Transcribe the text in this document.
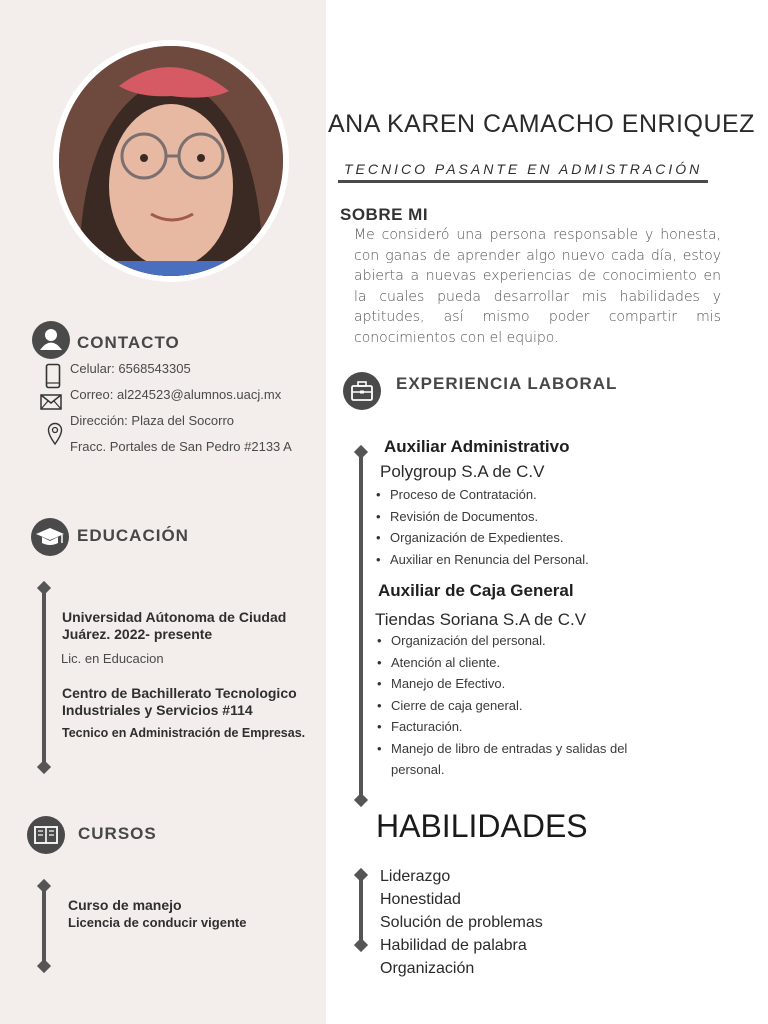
ANA KAREN CAMACHO ENRIQUEZ
TECNICO PASANTE EN ADMISTRACIÓN
SOBRE MI
Me consideró una persona responsable y honesta, con ganas de aprender algo nuevo cada día, estoy abierta a nuevas experiencias de conocimiento en la cuales pueda desarrollar mis habilidades y aptitudes, así mismo poder compartir mis conocimientos con el equipo.
CONTACTO
Celular: 6568543305
Correo: al224523@alumnos.uacj.mx
Dirección: Plaza del Socorro
Fracc. Portales de San Pedro #2133 A
EDUCACIÓN
Universidad Aútonoma de Ciudad Juárez. 2022- presente
Lic. en Educacion
Centro de Bachillerato Tecnologico Industriales y Servicios #114
Tecnico en Administración de Empresas.
CURSOS
Curso de manejo
Licencia de conducir vigente
EXPERIENCIA LABORAL
Auxiliar Administrativo
Polygroup S.A de C.V
• Proceso de Contratación.
• Revisión de Documentos.
• Organización de Expedientes.
• Auxiliar en Renuncia del Personal.
Auxiliar de Caja General
Tiendas Soriana S.A de C.V
• Organización del personal.
• Atención al cliente.
• Manejo de Efectivo.
• Cierre de caja general.
• Facturación.
• Manejo de libro de entradas y salidas del personal.
HABILIDADES
Liderazgo
Honestidad
Solución de problemas
Habilidad de palabra
Organización
